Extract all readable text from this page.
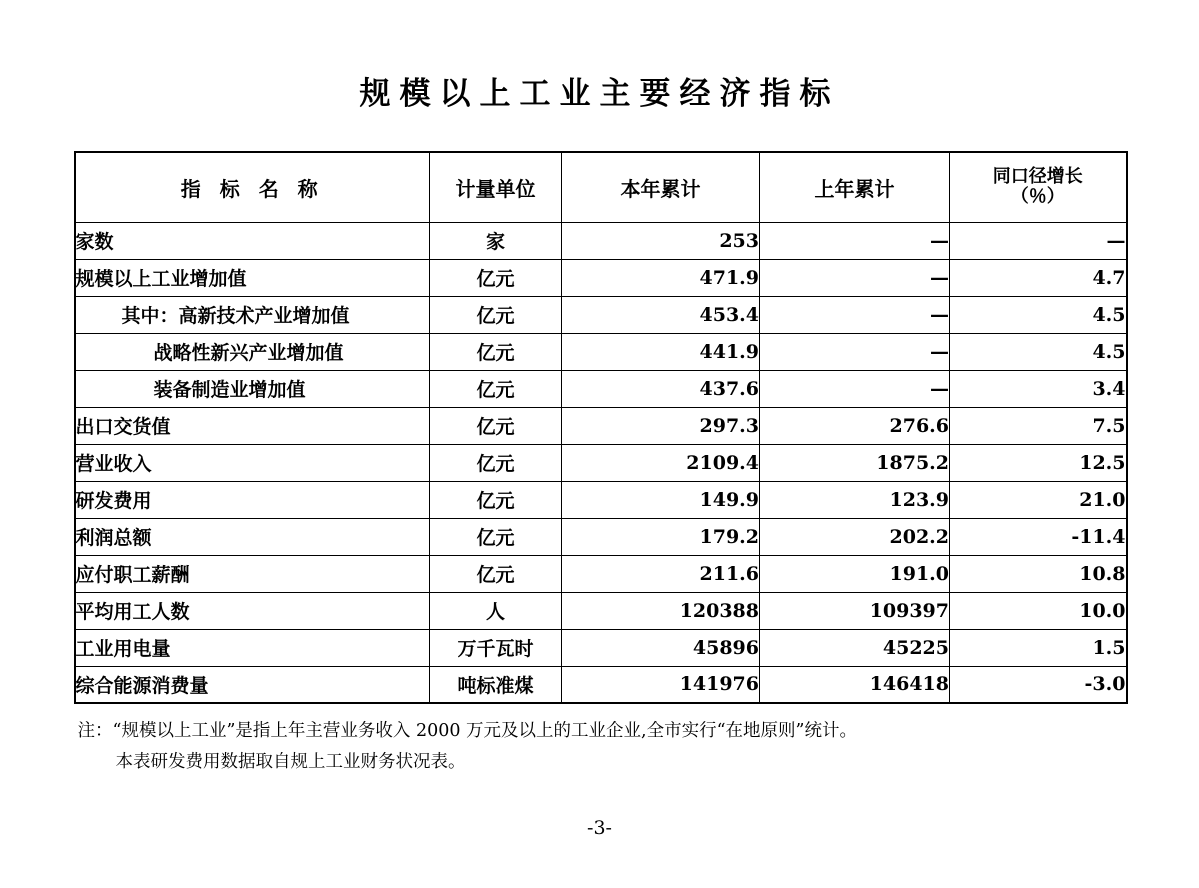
规模以上工业主要经济指标
指 标 名 称	计量单位	本年累计	上年累计	同口径增长
（％）

家数	家	253	—	—
规模以上工业增加值	亿元	471.9	—	4.7
其中：高新技术产业增加值	亿元	453.4	—	4.5
战略性新兴产业增加值	亿元	441.9	—	4.5
装备制造业增加值	亿元	437.6	—	3.4
出口交货值	亿元	297.3	276.6	7.5
营业收入	亿元	2109.4	1875.2	12.5
研发费用	亿元	149.9	123.9	21.0
利润总额	亿元	179.2	202.2	-11.4
应付职工薪酬	亿元	211.6	191.0	10.8
平均用工人数	人	120388	109397	10.0
工业用电量	万千瓦时	45896	45225	1.5
综合能源消费量	吨标准煤	141976	146418	-3.0
注：“规模以上工业”是指上年主营业务收入 2000 万元及以上的工业企业,全市实行“在地原则”统计。
本表研发费用数据取自规上工业财务状况表。
-3-
